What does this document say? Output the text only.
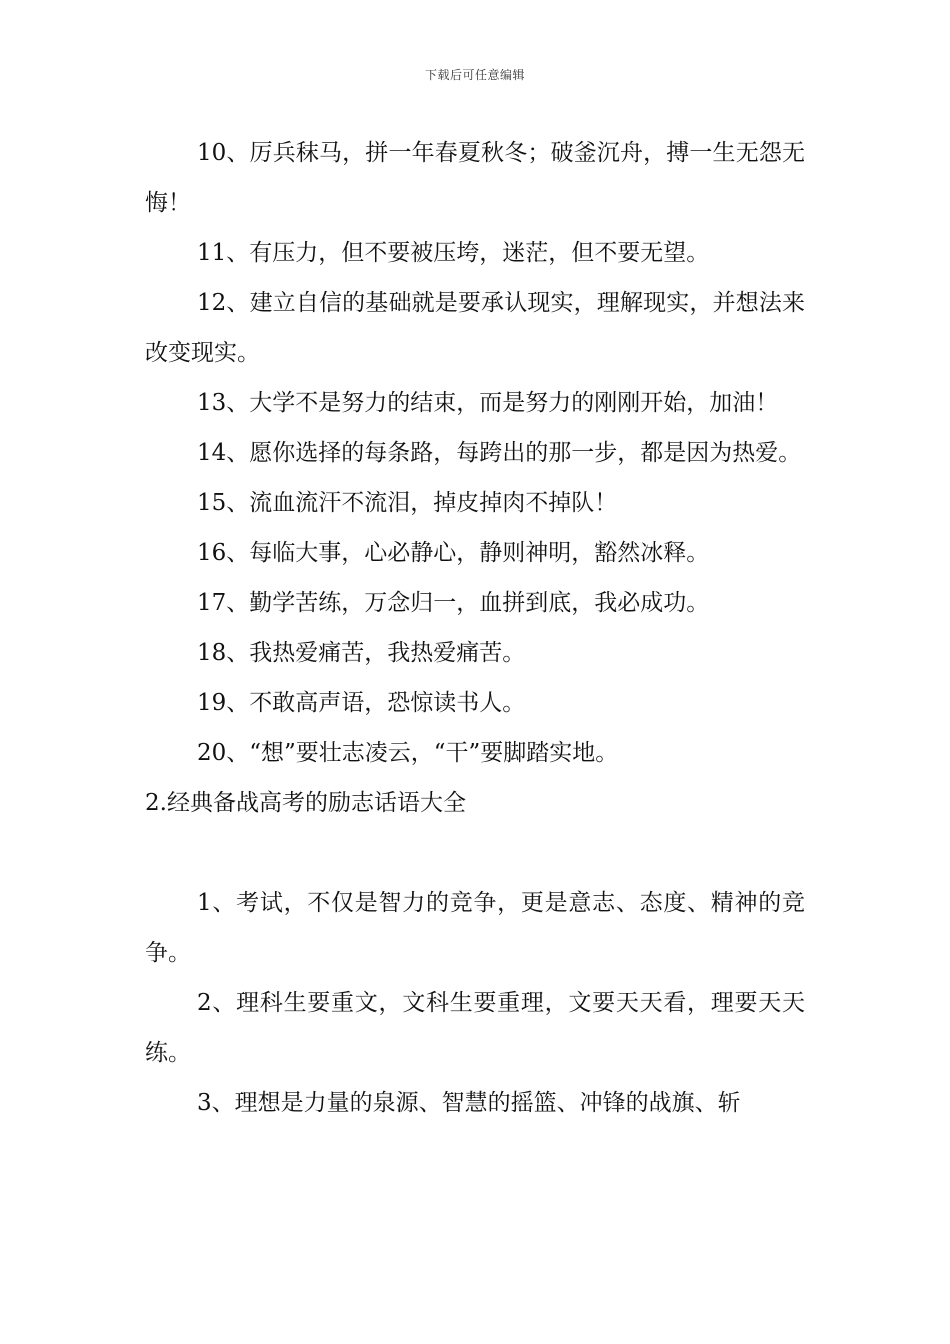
下载后可任意编辑

10、厉兵秣马，拼一年春夏秋冬；破釜沉舟，搏一生无怨无悔！

11、有压力，但不要被压垮，迷茫，但不要无望。

12、建立自信的基础就是要承认现实，理解现实，并想法来改变现实。

13、大学不是努力的结束，而是努力的刚刚开始，加油！

14、愿你选择的每条路，每跨出的那一步，都是因为热爱。

15、流血流汗不流泪，掉皮掉肉不掉队！

16、每临大事，心必静心，静则神明，豁然冰释。

17、勤学苦练，万念归一，血拼到底，我必成功。

18、我热爱痛苦，我热爱痛苦。

19、不敢高声语，恐惊读书人。

20、“想”要壮志凌云，“干”要脚踏实地。

2.经典备战高考的励志话语大全

1、考试，不仅是智力的竞争，更是意志、态度、精神的竞争。

2、理科生要重文，文科生要重理，文要天天看，理要天天练。

3、理想是力量的泉源、智慧的摇篮、冲锋的战旗、斩
